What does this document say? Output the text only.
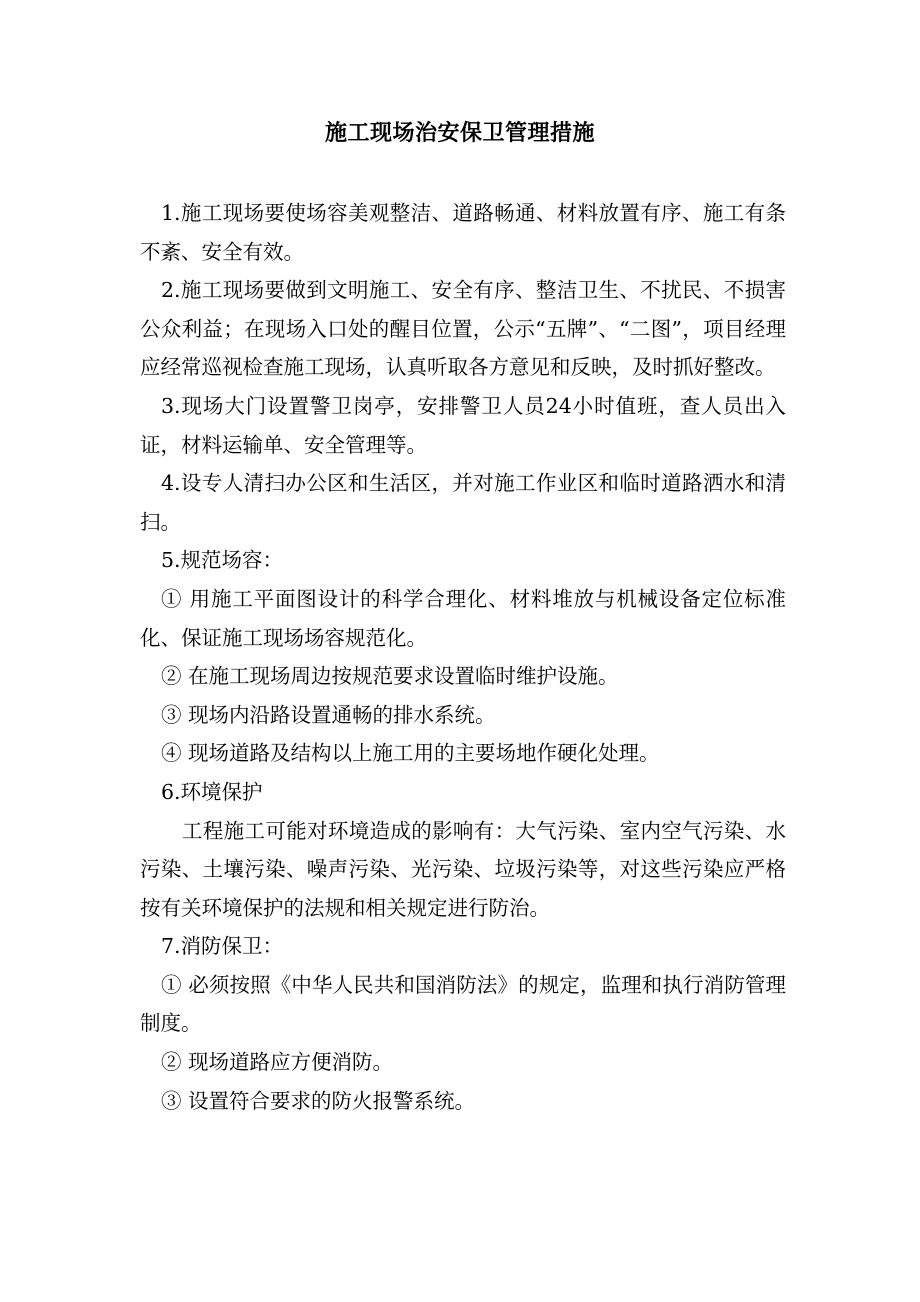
施工现场治安保卫管理措施

1.施工现场要使场容美观整洁、道路畅通、材料放置有序、施工有条不紊、安全有效。

2.施工现场要做到文明施工、安全有序、整洁卫生、不扰民、不损害公众利益；在现场入口处的醒目位置，公示“五牌”、“二图”，项目经理应经常巡视检查施工现场，认真听取各方意见和反映，及时抓好整改。

3.现场大门设置警卫岗亭，安排警卫人员24小时值班，查人员出入证，材料运输单、安全管理等。

4.设专人清扫办公区和生活区，并对施工作业区和临时道路洒水和清扫。

5.规范场容：

① 用施工平面图设计的科学合理化、材料堆放与机械设备定位标准化、保证施工现场场容规范化。

② 在施工现场周边按规范要求设置临时维护设施。

③ 现场内沿路设置通畅的排水系统。

④ 现场道路及结构以上施工用的主要场地作硬化处理。

6.环境保护

工程施工可能对环境造成的影响有：大气污染、室内空气污染、水污染、土壤污染、噪声污染、光污染、垃圾污染等，对这些污染应严格按有关环境保护的法规和相关规定进行防治。

7.消防保卫：

① 必须按照《中华人民共和国消防法》的规定，监理和执行消防管理制度。

② 现场道路应方便消防。

③ 设置符合要求的防火报警系统。
